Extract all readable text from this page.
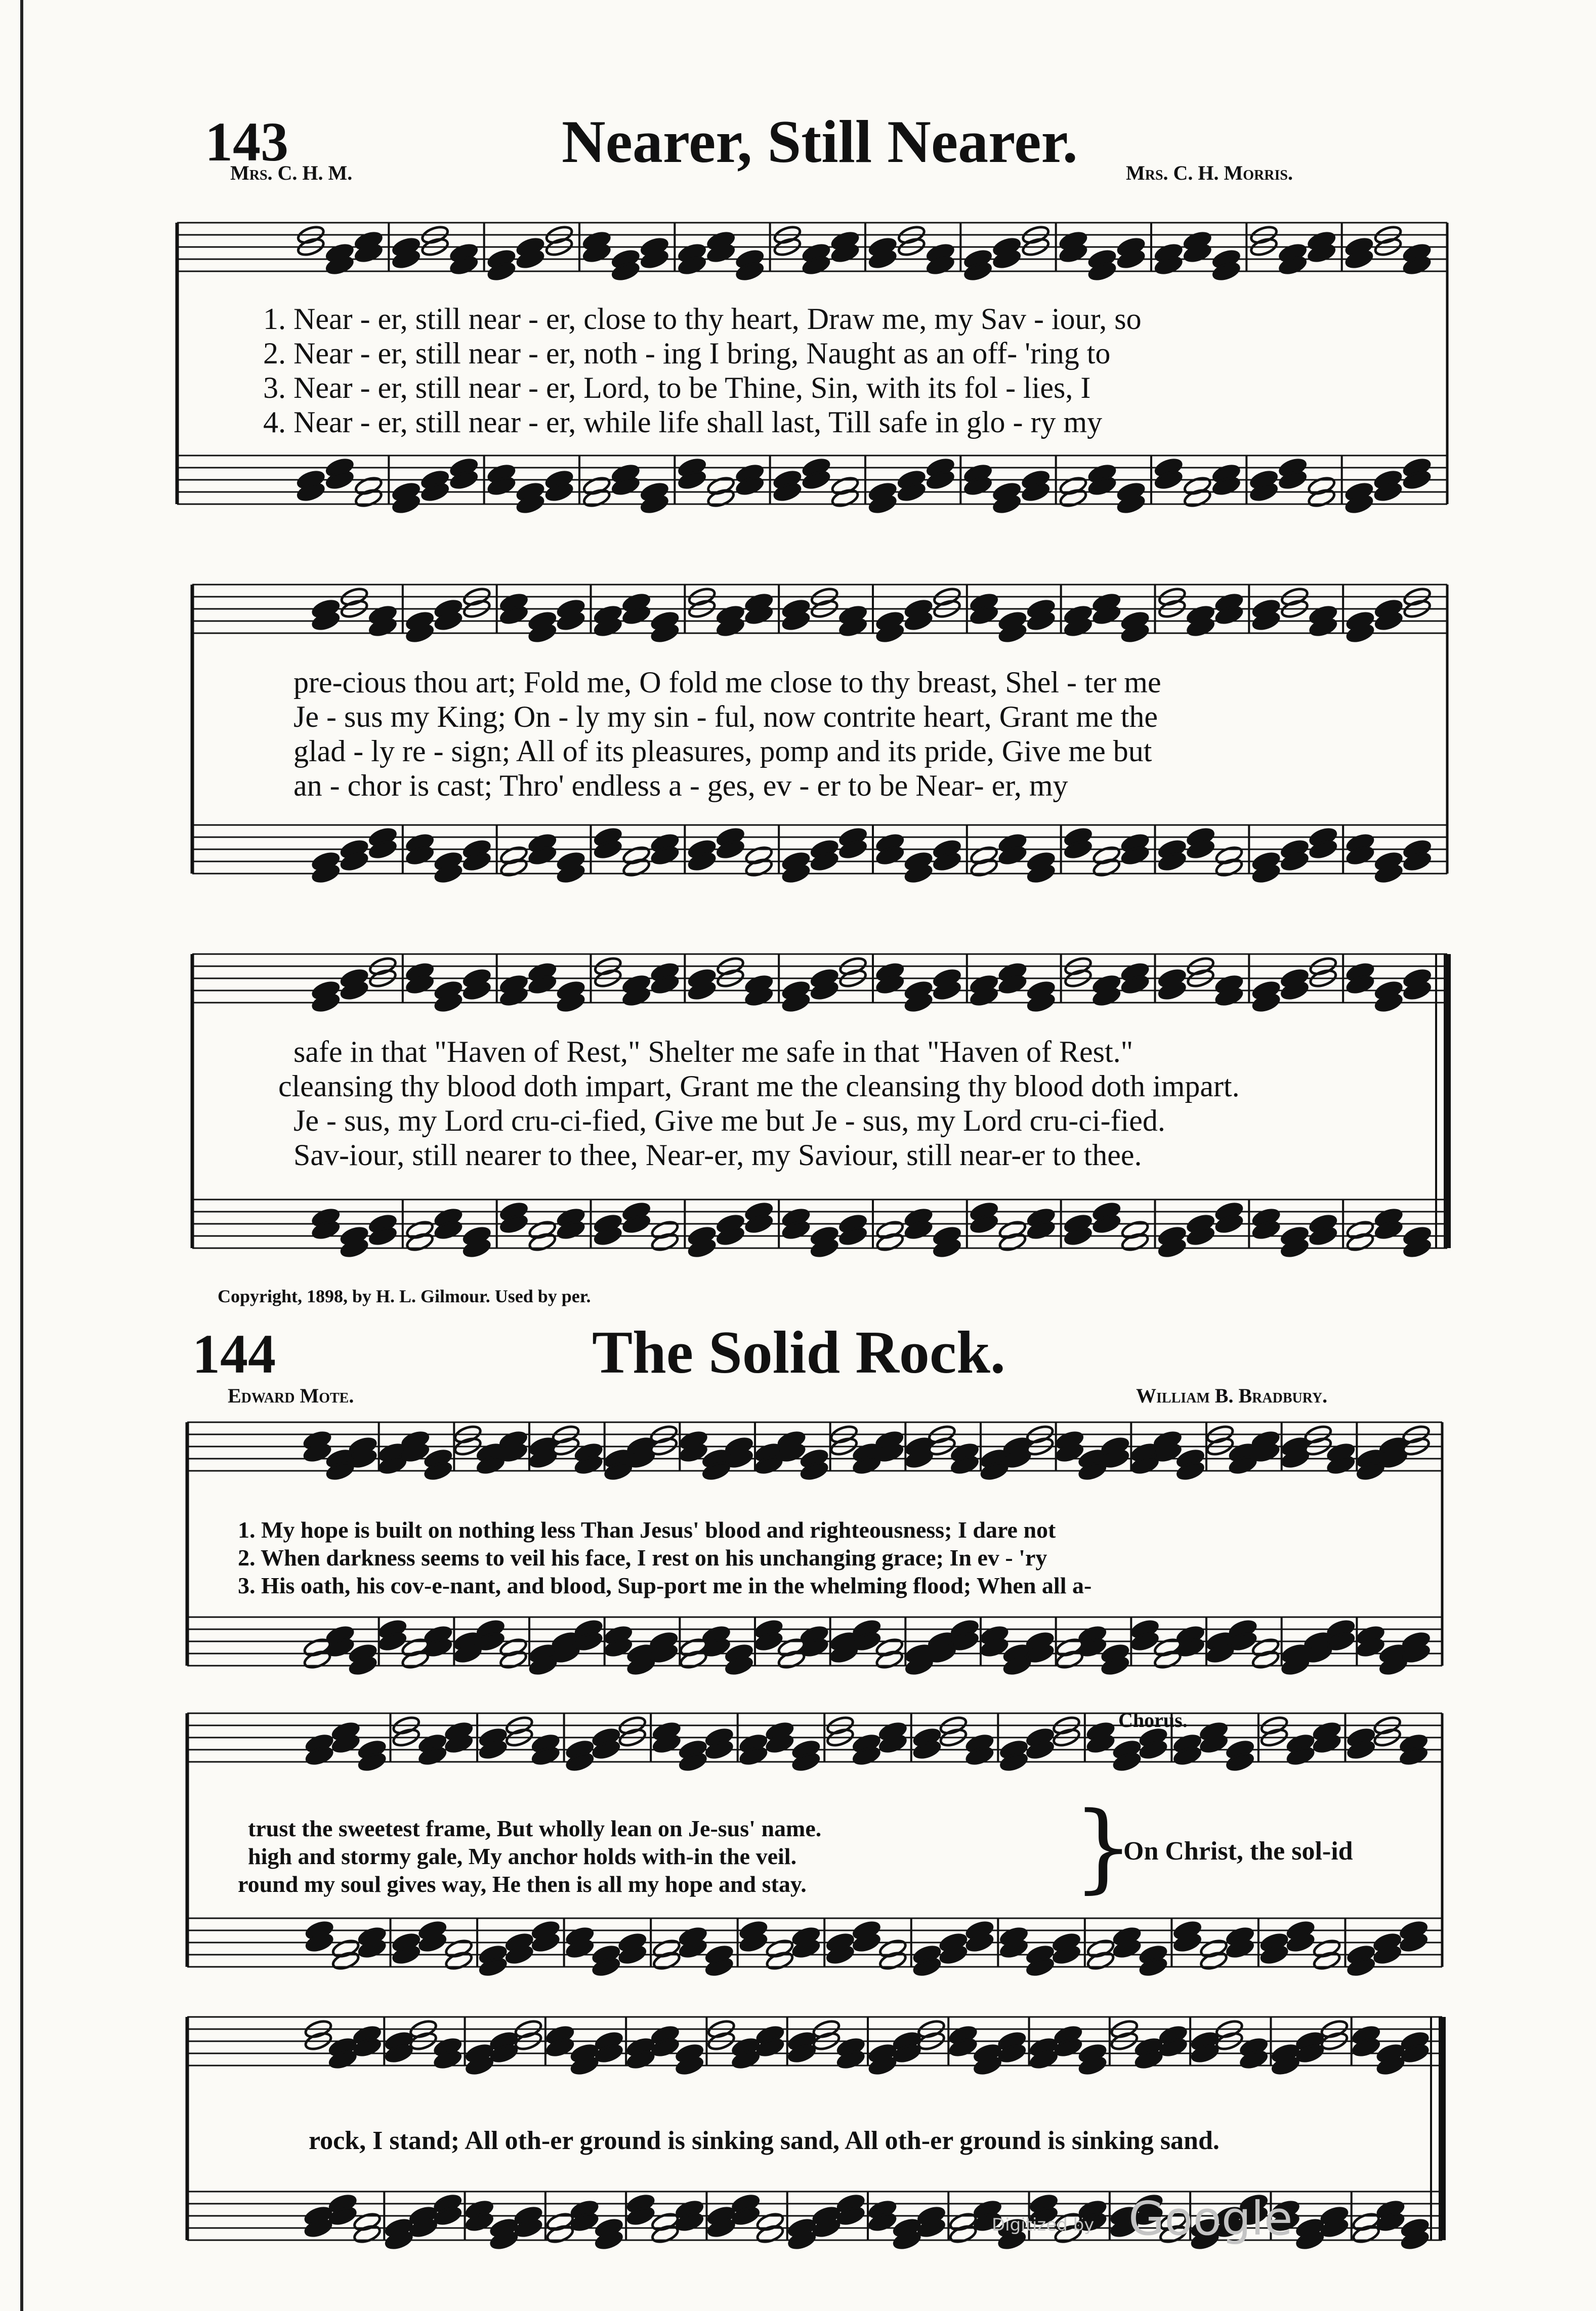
143	Nearer, Still Nearer.
Mrs. C. H. M.	Mrs. C. H. Morris.
1. Near - er, still near - er, close to thy heart, Draw me, my Sav - iour, so
2. Near - er, still near - er, noth - ing I bring, Naught as an off- 'ring to
3. Near - er, still near - er, Lord, to be Thine, Sin, with its fol - lies, I
4. Near - er, still near - er, while life shall last, Till safe in glo - ry my
pre-cious thou art; Fold me, O fold me close to thy breast, Shel - ter me
Je - sus my King; On - ly my sin - ful, now contrite heart, Grant me the
glad - ly re - sign; All of its pleasures, pomp and its pride, Give me but
an - chor is cast; Thro' endless a - ges, ev - er to be Near- er, my
safe in that "Haven of Rest," Shelter me safe in that "Haven of Rest."
cleansing thy blood doth impart, Grant me the cleansing thy blood doth impart.
Je - sus, my Lord cru-ci-fied, Give me but Je - sus, my Lord cru-ci-fied.
Sav-iour, still nearer to thee, Near-er, my Saviour, still near-er to thee.
Copyright, 1898, by H. L. Gilmour. Used by per.
144	The Solid Rock.
Edward Mote.	William B. Bradbury.
1. My hope is built on nothing less Than Jesus' blood and righteousness; I dare not
2. When darkness seems to veil his face, I rest on his unchanging grace; In ev - 'ry
3. His oath, his cov-e-nant, and blood, Sup-port me in the whelming flood; When all a-
Chorus.
trust the sweetest frame, But wholly lean on Je-sus' name.
high and stormy gale, My anchor holds with-in the veil.
round my soul gives way, He then is all my hope and stay.	}
On Christ, the sol-id
rock, I stand; All oth-er ground is sinking sand, All oth-er ground is sinking sand.
Digitized by Google
